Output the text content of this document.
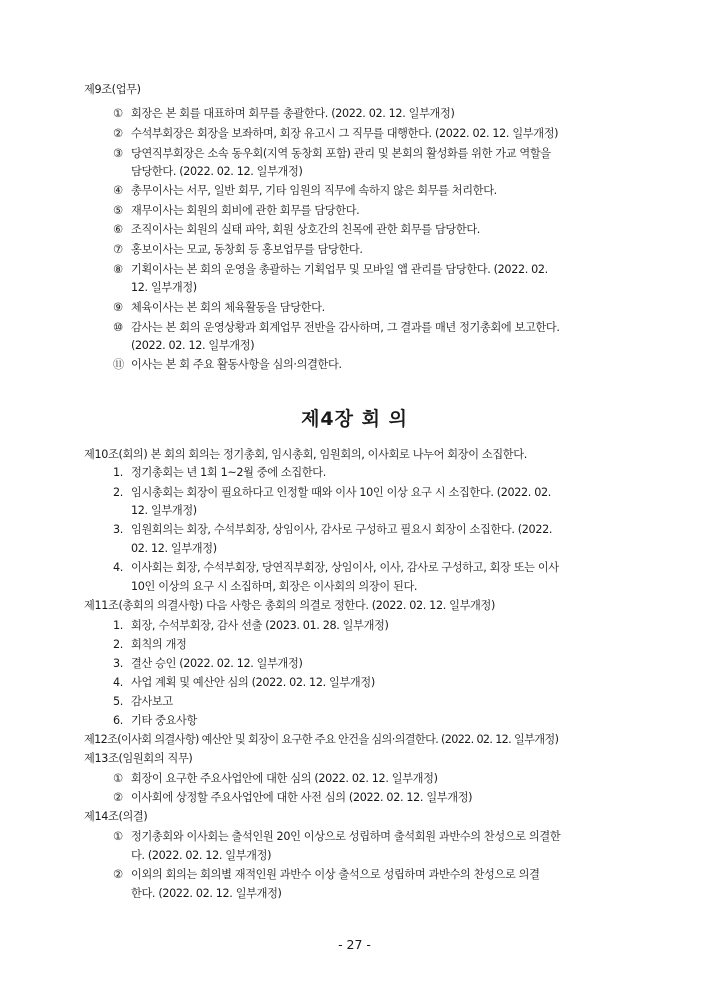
제9조(업무)
① 회장은 본 회를 대표하며 회무를 총괄한다. (2022. 02. 12. 일부개정)
② 수석부회장은 회장을 보좌하며, 회장 유고시 그 직무를 대행한다. (2022. 02. 12. 일부개정)
③ 당연직부회장은 소속 동우회(지역 동창회 포함) 관리 및 본회의 활성화를 위한 가교 역할을
담당한다. (2022. 02. 12. 일부개정)
④ 총무이사는 서무, 일반 회무, 기타 임원의 직무에 속하지 않은 회무를 처리한다.
⑤ 재무이사는 회원의 회비에 관한 회무를 담당한다.
⑥ 조직이사는 회원의 실태 파악, 회원 상호간의 친목에 관한 회무를 담당한다.
⑦ 홍보이사는 모교, 동창회 등 홍보업무를 담당한다.
⑧ 기획이사는 본 회의 운영을 총괄하는 기획업무 및 모바일 앱 관리를 담당한다. (2022. 02.
12. 일부개정)
⑨ 체육이사는 본 회의 체육활동을 담당한다.
⑩ 감사는 본 회의 운영상황과 회계업무 전반을 감사하며, 그 결과를 매년 정기총회에 보고한다.
(2022. 02. 12. 일부개정)
⑪ 이사는 본 회 주요 활동사항을 심의·의결한다.
제4장 회 의
제10조(회의) 본 회의 회의는 정기총회, 임시총회, 임원회의, 이사회로 나누어 회장이 소집한다.
1. 정기총회는 년 1회 1~2월 중에 소집한다.
2. 임시총회는 회장이 필요하다고 인정할 때와 이사 10인 이상 요구 시 소집한다. (2022. 02.
12. 일부개정)
3. 임원회의는 회장, 수석부회장, 상임이사, 감사로 구성하고 필요시 회장이 소집한다. (2022.
02. 12. 일부개정)
4. 이사회는 회장, 수석부회장, 당연직부회장, 상임이사, 이사, 감사로 구성하고, 회장 또는 이사
10인 이상의 요구 시 소집하며, 회장은 이사회의 의장이 된다.
제11조(총회의 의결사항) 다음 사항은 총회의 의결로 정한다. (2022. 02. 12. 일부개정)
1. 회장, 수석부회장, 감사 선출 (2023. 01. 28. 일부개정)
2. 회칙의 개정
3. 결산 승인 (2022. 02. 12. 일부개정)
4. 사업 계획 및 예산안 심의 (2022. 02. 12. 일부개정)
5. 감사보고
6. 기타 중요사항
제12조(이사회 의결사항) 예산안 및 회장이 요구한 주요 안건을 심의·의결한다. (2022. 02. 12. 일부개정)
제13조(임원회의 직무)
① 회장이 요구한 주요사업안에 대한 심의 (2022. 02. 12. 일부개정)
② 이사회에 상정할 주요사업안에 대한 사전 심의 (2022. 02. 12. 일부개정)
제14조(의결)
① 정기총회와 이사회는 출석인원 20인 이상으로 성립하며 출석회원 과반수의 찬성으로 의결한
다. (2022. 02. 12. 일부개정)
② 이외의 회의는 회의별 재적인원 과반수 이상 출석으로 성립하며 과반수의 찬성으로 의결
한다. (2022. 02. 12. 일부개정)
- 27 -
